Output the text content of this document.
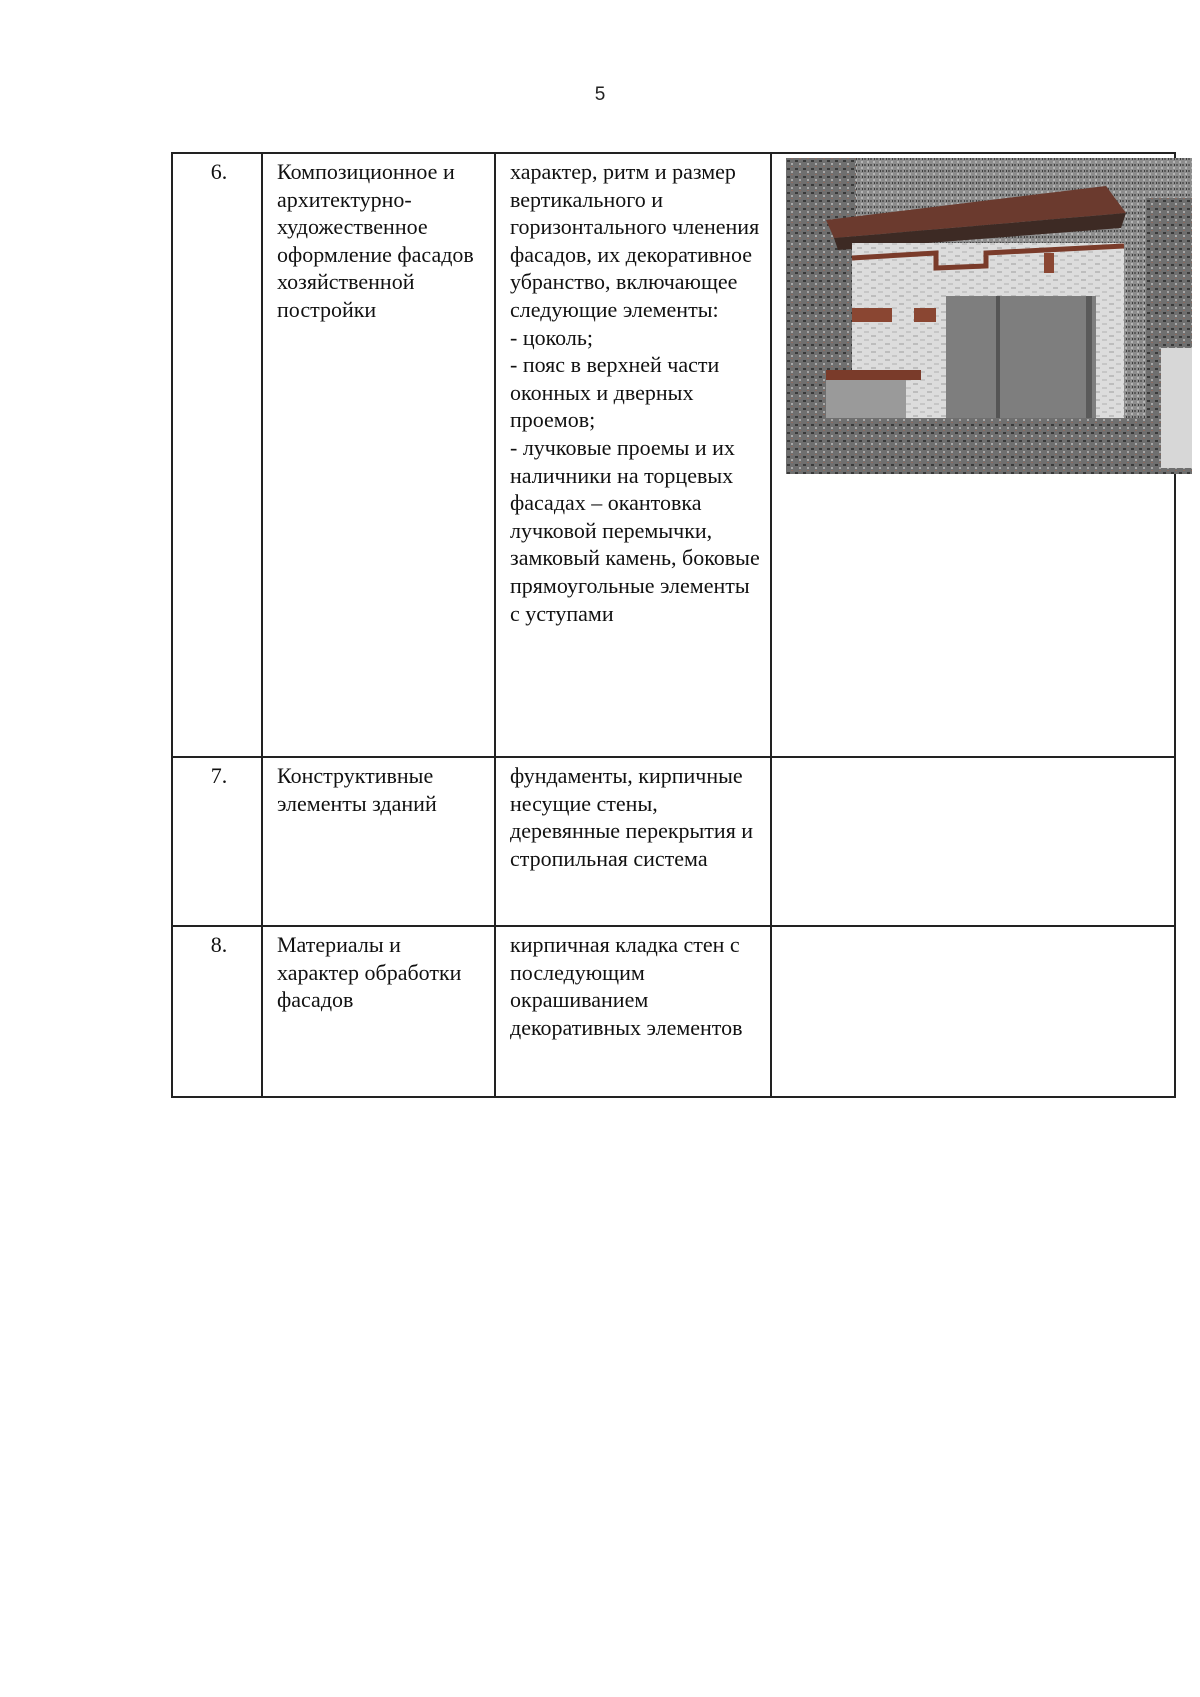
5
6.	Композиционное и архитектурно-художественное оформление фасадов хозяйственной постройки	характер, ритм и размер вертикального и горизонтального членения фасадов, их декоративное убранство, включающее следующие элементы:
- цоколь;
- пояс в верхней части оконных и дверных проемов;
- лучковые проемы и их наличники на торцевых фасадах – окантовка лучковой перемычки, замковый камень, боковые прямоугольные элементы с уступами	

7.	Конструктивные элементы зданий	фундаменты, кирпичные несущие стены, деревянные перекрытия и стропильная система	
8.	Материалы и характер обработки фасадов	кирпичная кладка стен с последующим окрашиванием декоративных элементов	
